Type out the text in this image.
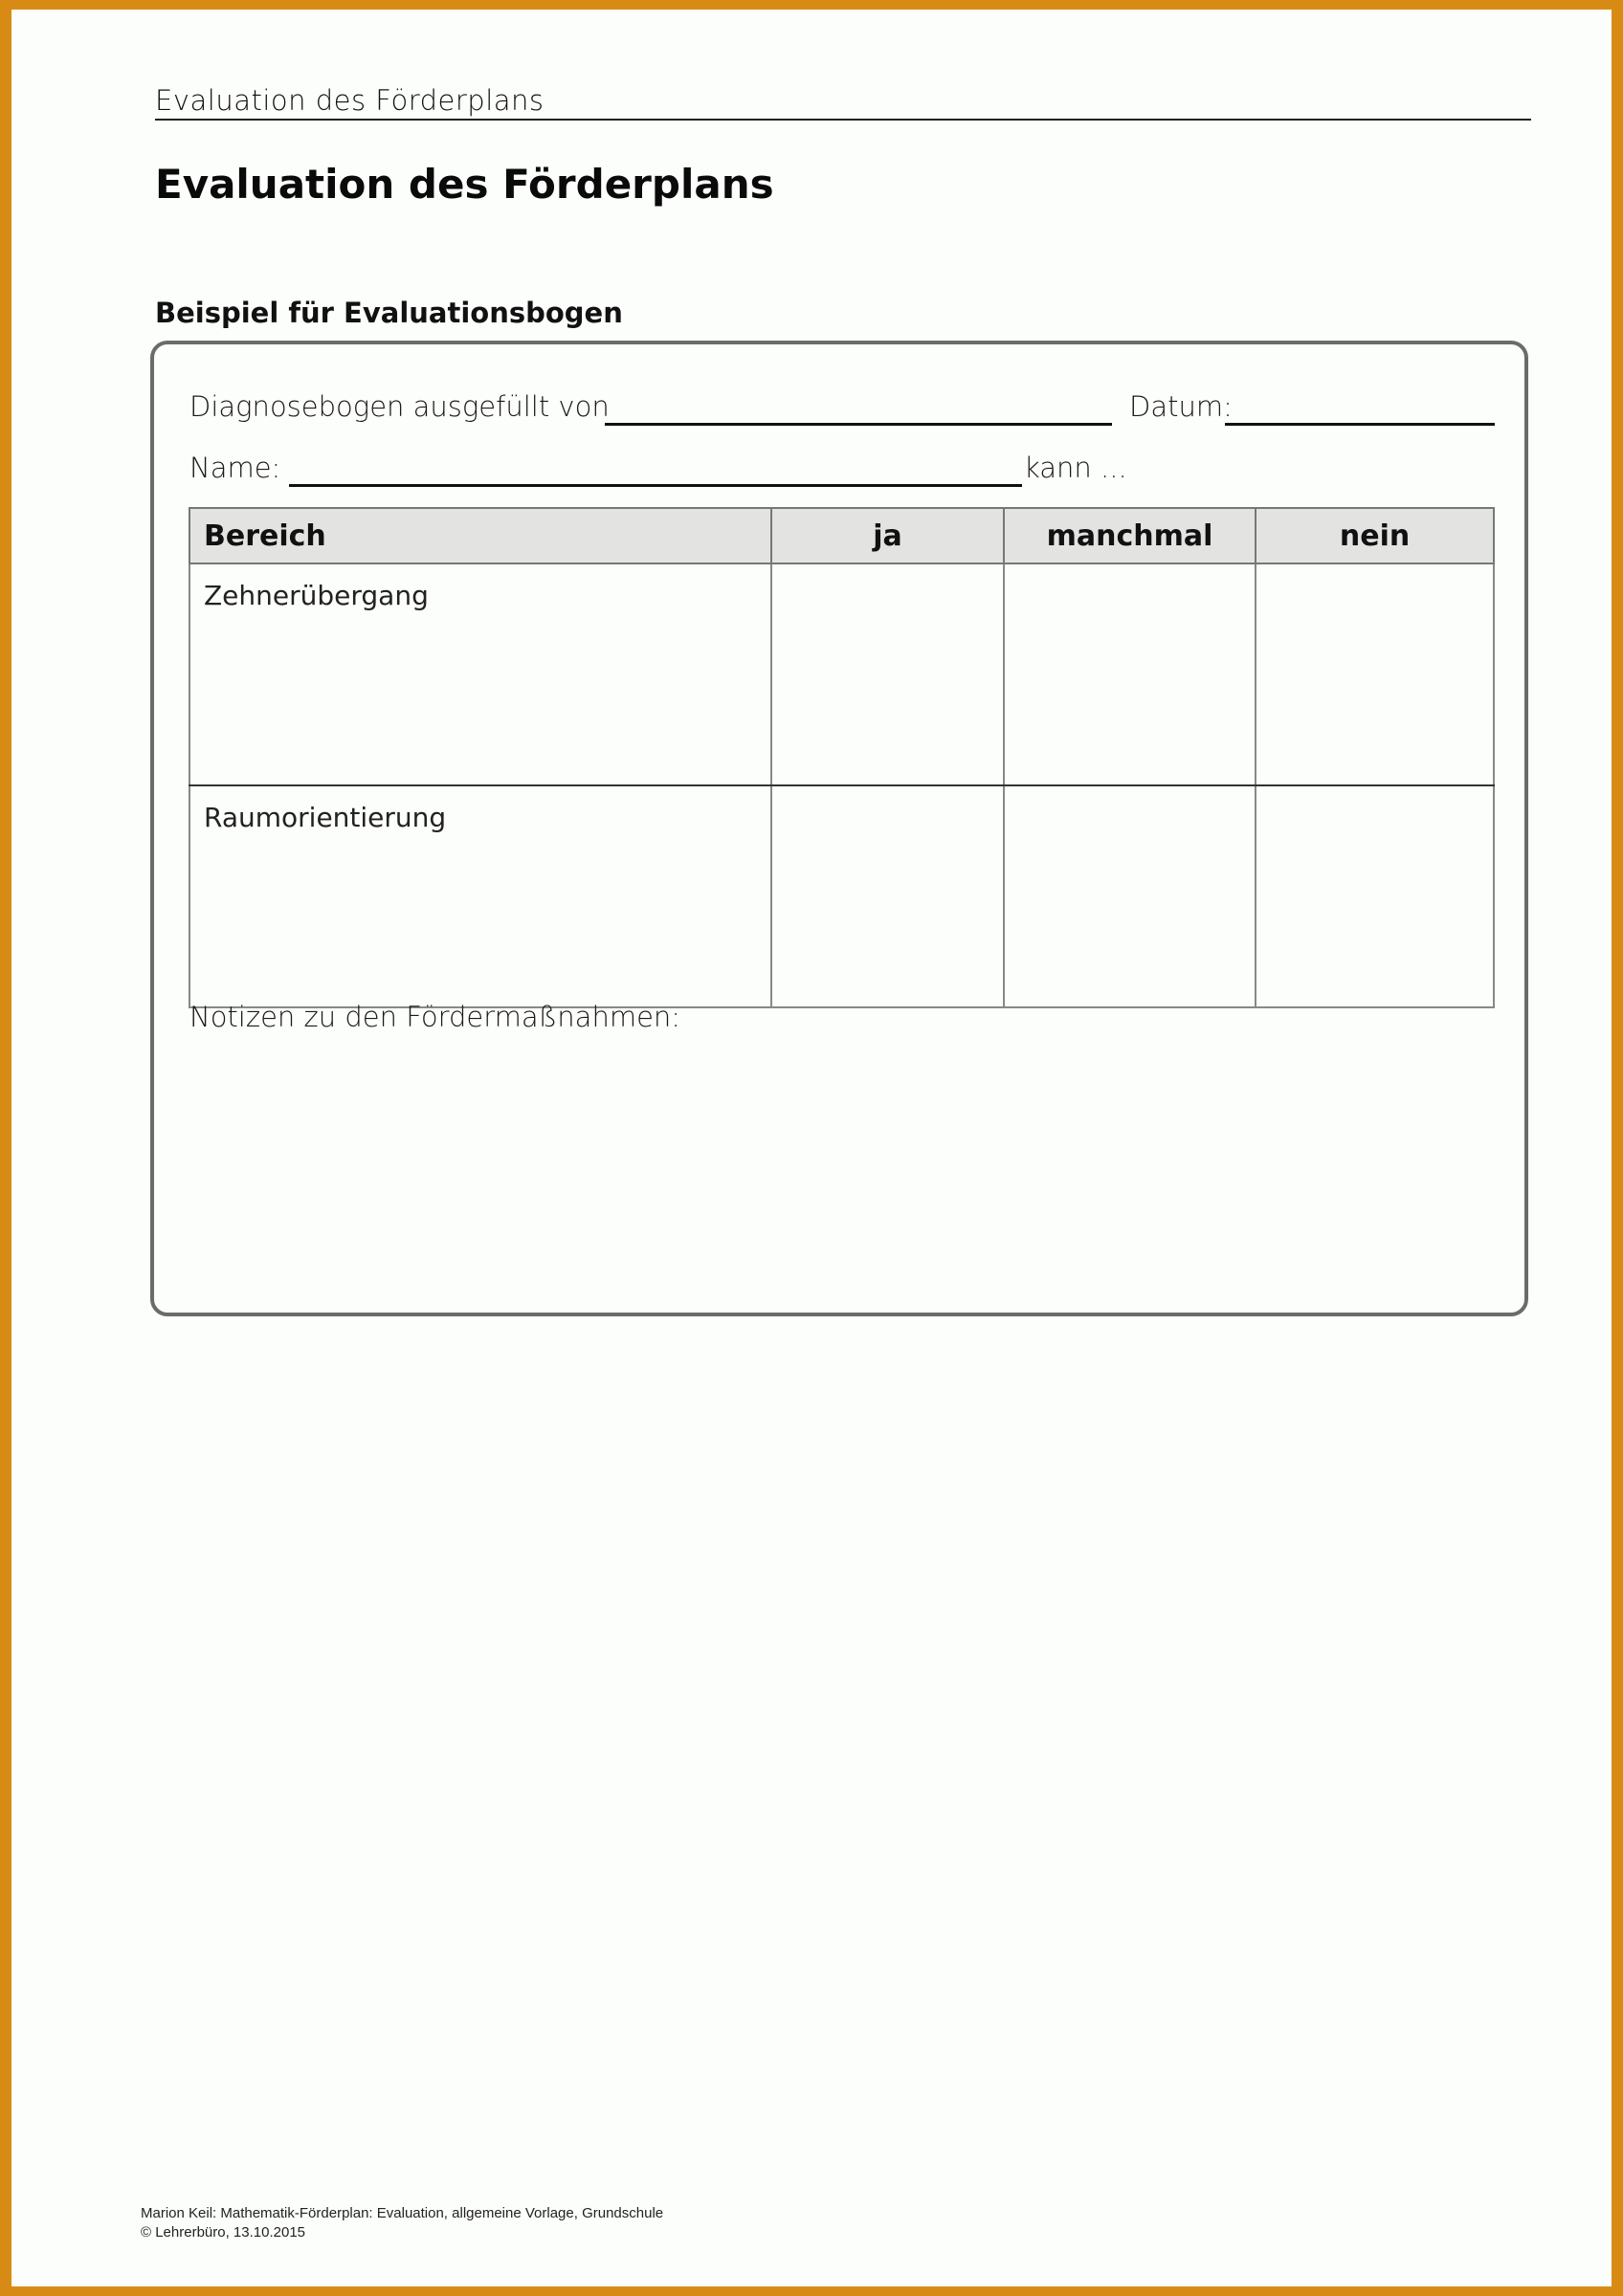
Evaluation des Förderplans
Evaluation des Förderplans
Beispiel für Evaluationsbogen
Diagnosebogen ausgefüllt von	Datum:
Name:	kann ...
Bereich	ja	manchmal	nein
Zehnerübergang			
Raumorientierung			
Notizen zu den Fördermaßnahmen:
Marion Keil: Mathematik-Förderplan: Evaluation, allgemeine Vorlage, Grundschule
© Lehrerbüro, 13.10.2015
